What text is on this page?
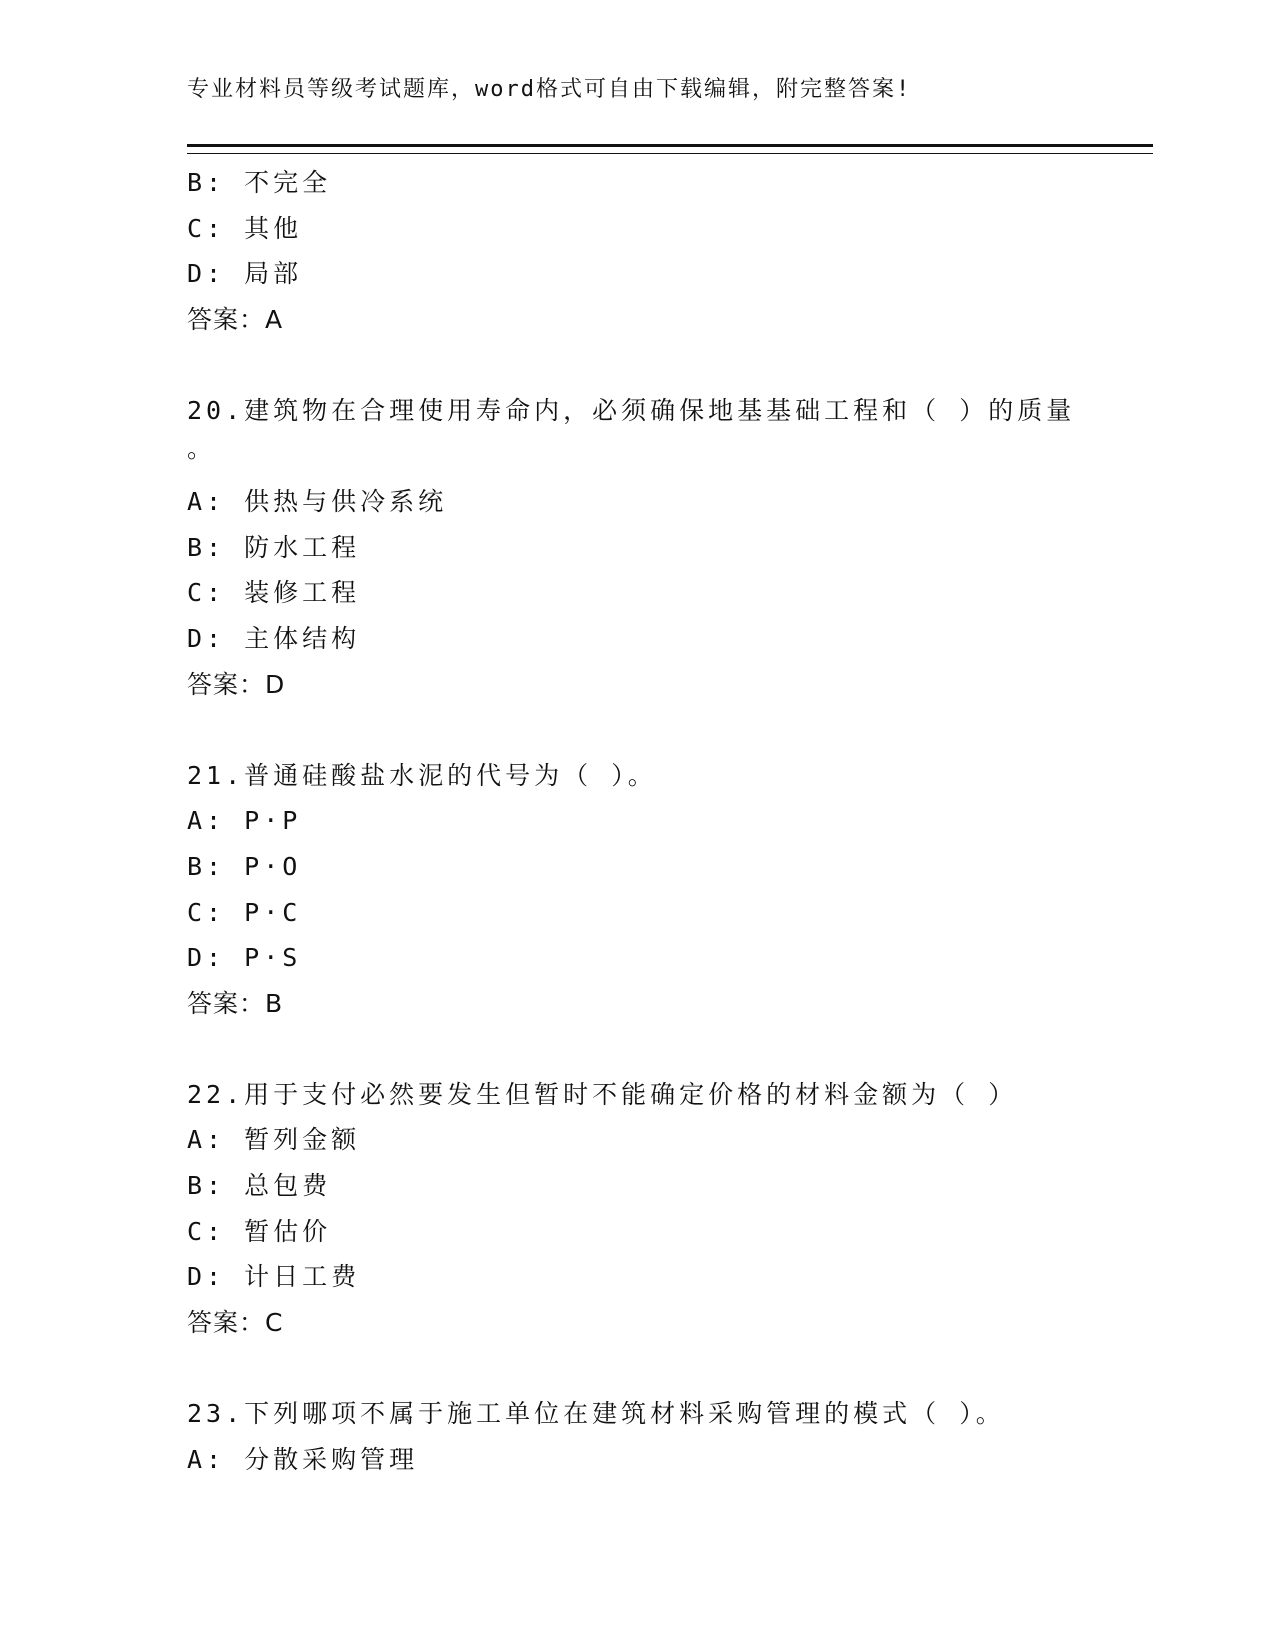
专业材料员等级考试题库，word格式可自由下载编辑，附完整答案!
B: 不完全
C: 其他
D: 局部
答案：A
20.建筑物在合理使用寿命内，必须确保地基基础工程和（ ）的质量
。
A: 供热与供冷系统
B: 防水工程
C: 装修工程
D: 主体结构
答案：D
21.普通硅酸盐水泥的代号为（ ）。
A: P·P
B: P·O
C: P·C
D: P·S
答案：B
22.用于支付必然要发生但暂时不能确定价格的材料金额为（ ）
A: 暂列金额
B: 总包费
C: 暂估价
D: 计日工费
答案：C
23.下列哪项不属于施工单位在建筑材料采购管理的模式（ ）。
A: 分散采购管理
